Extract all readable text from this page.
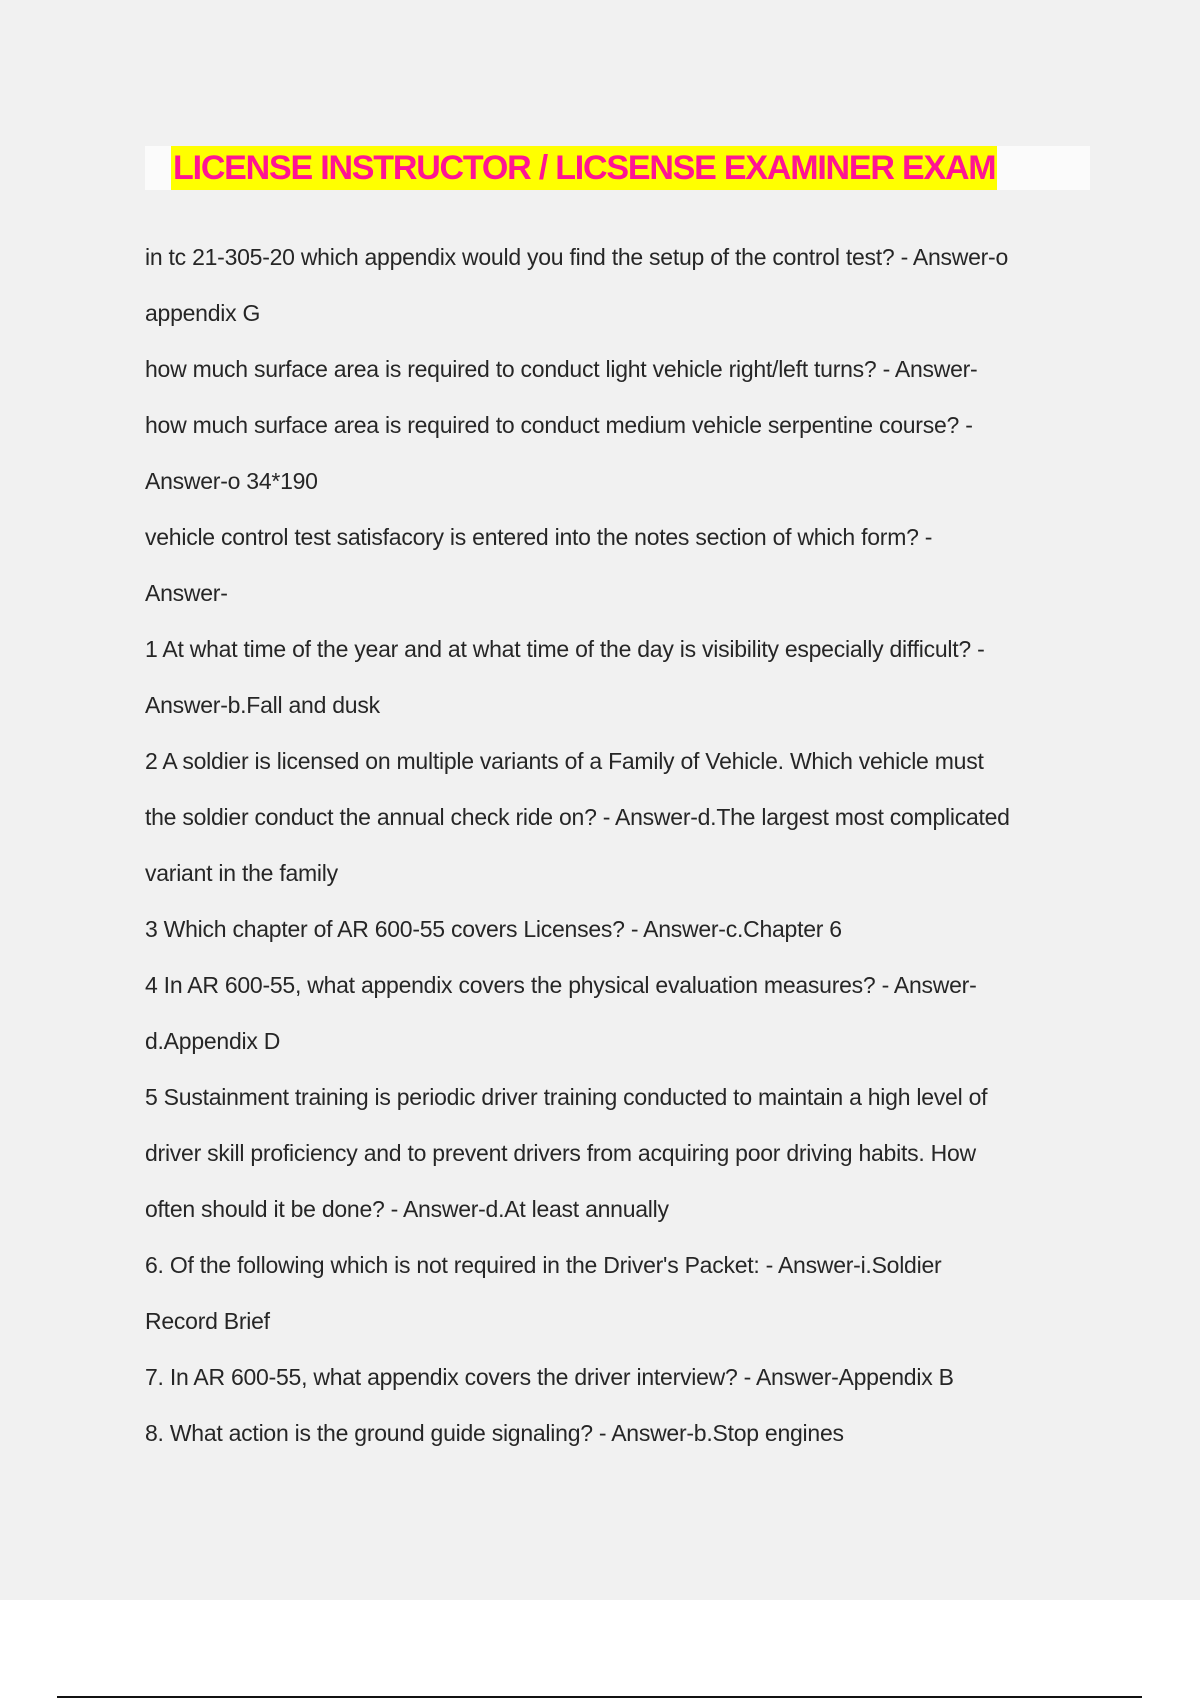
LICENSE INSTRUCTOR / LICSENSE EXAMINER EXAM
in tc 21-305-20 which appendix would you find the setup of the control test? - Answer-o
appendix G
how much surface area is required to conduct light vehicle right/left turns? - Answer-
how much surface area is required to conduct medium vehicle serpentine course? -
Answer-o 34*190
vehicle control test satisfacory is entered into the notes section of which form? -
Answer-
1 At what time of the year and at what time of the day is visibility especially difficult? -
Answer-b.Fall and dusk
2 A soldier is licensed on multiple variants of a Family of Vehicle. Which vehicle must
the soldier conduct the annual check ride on? - Answer-d.The largest most complicated
variant in the family
3 Which chapter of AR 600-55 covers Licenses? - Answer-c.Chapter 6
4 In AR 600-55, what appendix covers the physical evaluation measures? - Answer-
d.Appendix D
5 Sustainment training is periodic driver training conducted to maintain a high level of
driver skill proficiency and to prevent drivers from acquiring poor driving habits. How
often should it be done? - Answer-d.At least annually
6. Of the following which is not required in the Driver's Packet: - Answer-i.Soldier
Record Brief
7. In AR 600-55, what appendix covers the driver interview? - Answer-Appendix B
8. What action is the ground guide signaling? - Answer-b.Stop engines
